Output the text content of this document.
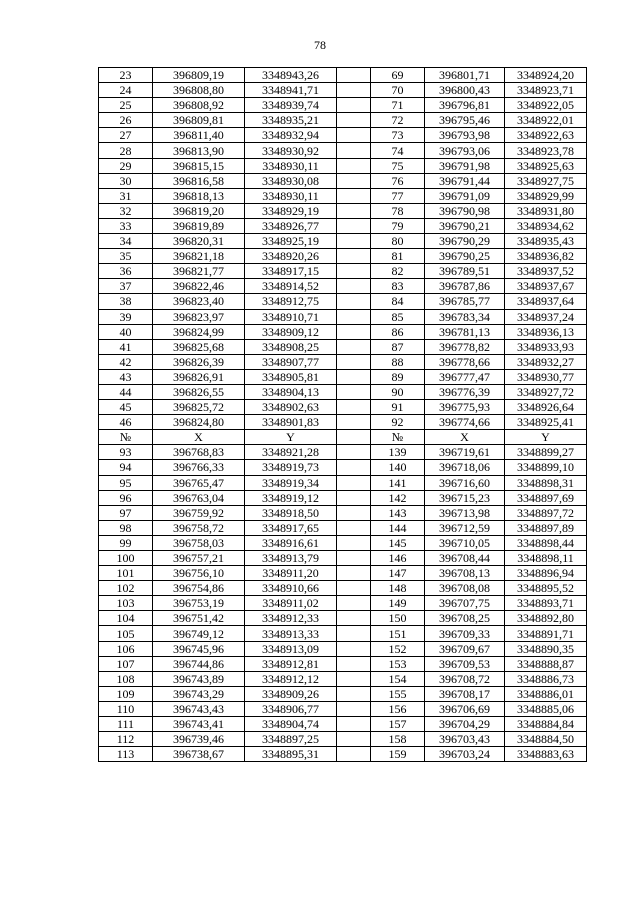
78
23	396809,19	3348943,26		69	396801,71	3348924,20
24	396808,80	3348941,71		70	396800,43	3348923,71
25	396808,92	3348939,74		71	396796,81	3348922,05
26	396809,81	3348935,21		72	396795,46	3348922,01
27	396811,40	3348932,94		73	396793,98	3348922,63
28	396813,90	3348930,92		74	396793,06	3348923,78
29	396815,15	3348930,11		75	396791,98	3348925,63
30	396816,58	3348930,08		76	396791,44	3348927,75
31	396818,13	3348930,11		77	396791,09	3348929,99
32	396819,20	3348929,19		78	396790,98	3348931,80
33	396819,89	3348926,77		79	396790,21	3348934,62
34	396820,31	3348925,19		80	396790,29	3348935,43
35	396821,18	3348920,26		81	396790,25	3348936,82
36	396821,77	3348917,15		82	396789,51	3348937,52
37	396822,46	3348914,52		83	396787,86	3348937,67
38	396823,40	3348912,75		84	396785,77	3348937,64
39	396823,97	3348910,71		85	396783,34	3348937,24
40	396824,99	3348909,12		86	396781,13	3348936,13
41	396825,68	3348908,25		87	396778,82	3348933,93
42	396826,39	3348907,77		88	396778,66	3348932,27
43	396826,91	3348905,81		89	396777,47	3348930,77
44	396826,55	3348904,13		90	396776,39	3348927,72
45	396825,72	3348902,63		91	396775,93	3348926,64
46	396824,80	3348901,83		92	396774,66	3348925,41
№	X	Y		№	X	Y
93	396768,83	3348921,28		139	396719,61	3348899,27
94	396766,33	3348919,73		140	396718,06	3348899,10
95	396765,47	3348919,34		141	396716,60	3348898,31
96	396763,04	3348919,12		142	396715,23	3348897,69
97	396759,92	3348918,50		143	396713,98	3348897,72
98	396758,72	3348917,65		144	396712,59	3348897,89
99	396758,03	3348916,61		145	396710,05	3348898,44
100	396757,21	3348913,79		146	396708,44	3348898,11
101	396756,10	3348911,20		147	396708,13	3348896,94
102	396754,86	3348910,66		148	396708,08	3348895,52
103	396753,19	3348911,02		149	396707,75	3348893,71
104	396751,42	3348912,33		150	396708,25	3348892,80
105	396749,12	3348913,33		151	396709,33	3348891,71
106	396745,96	3348913,09		152	396709,67	3348890,35
107	396744,86	3348912,81		153	396709,53	3348888,87
108	396743,89	3348912,12		154	396708,72	3348886,73
109	396743,29	3348909,26		155	396708,17	3348886,01
110	396743,43	3348906,77		156	396706,69	3348885,06
111	396743,41	3348904,74		157	396704,29	3348884,84
112	396739,46	3348897,25		158	396703,43	3348884,50
113	396738,67	3348895,31		159	396703,24	3348883,63
